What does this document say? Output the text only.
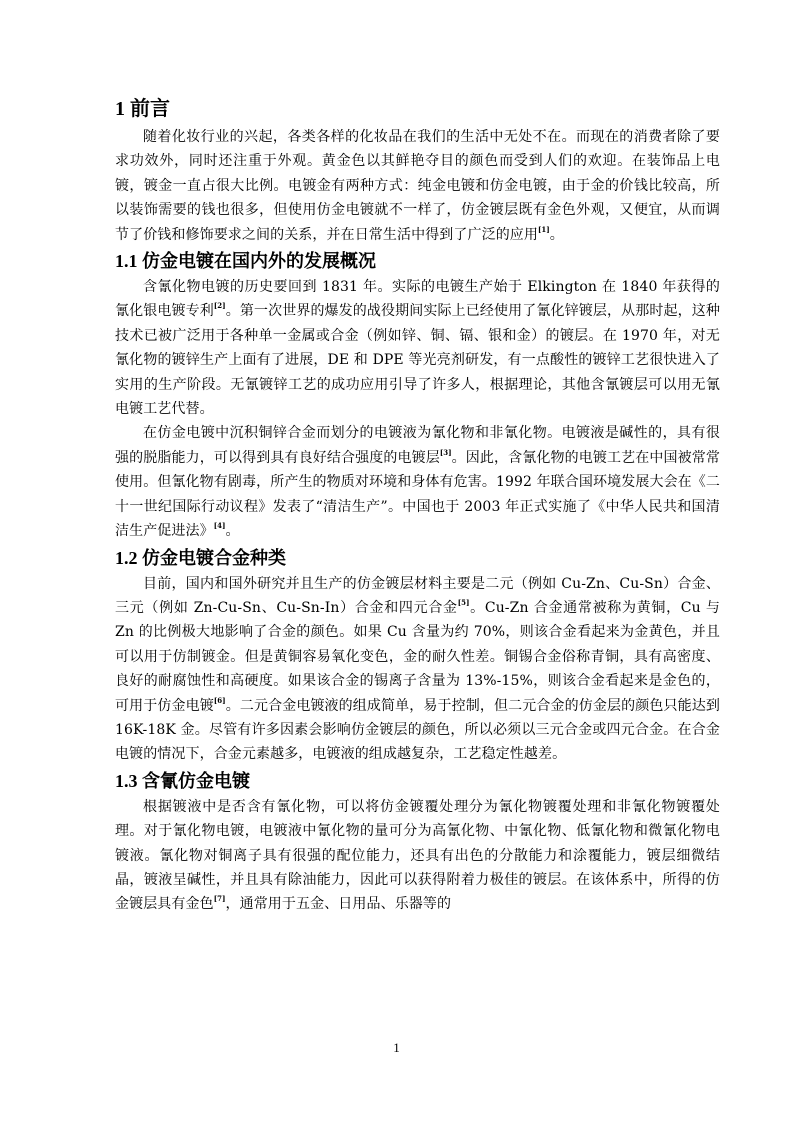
1 前言

随着化妆行业的兴起，各类各样的化妆品在我们的生活中无处不在。而现在的消费者除了要求功效外，同时还注重于外观。黄金色以其鲜艳夺目的颜色而受到人们的欢迎。在装饰品上电镀，镀金一直占很大比例。电镀金有两种方式：纯金电镀和仿金电镀，由于金的价钱比较高，所以装饰需要的钱也很多，但使用仿金电镀就不一样了，仿金镀层既有金色外观，又便宜，从而调节了价钱和修饰要求之间的关系，并在日常生活中得到了广泛的应用[1]。

1.1 仿金电镀在国内外的发展概况

含氰化物电镀的历史要回到 1831 年。实际的电镀生产始于 Elkington 在 1840 年获得的氰化银电镀专利[2]。第一次世界的爆发的战役期间实际上已经使用了氰化锌镀层，从那时起，这种技术已被广泛用于各种单一金属或合金（例如锌、铜、镉、银和金）的镀层。在 1970 年，对无氰化物的镀锌生产上面有了进展，DE 和 DPE 等光亮剂研发，有一点酸性的镀锌工艺很快进入了实用的生产阶段。无氰镀锌工艺的成功应用引导了许多人，根据理论，其他含氰镀层可以用无氰电镀工艺代替。

在仿金电镀中沉积铜锌合金而划分的电镀液为氰化物和非氰化物。电镀液是碱性的，具有很强的脱脂能力，可以得到具有良好结合强度的电镀层[3]。因此，含氰化物的电镀工艺在中国被常常使用。但氰化物有剧毒，所产生的物质对环境和身体有危害。1992 年联合国环境发展大会在《二十一世纪国际行动议程》发表了“清洁生产”。中国也于 2003 年正式实施了《中华人民共和国清洁生产促进法》[4]。

1.2 仿金电镀合金种类

目前，国内和国外研究并且生产的仿金镀层材料主要是二元（例如 Cu-Zn、Cu-Sn）合金、三元（例如 Zn-Cu-Sn、Cu-Sn-In）合金和四元合金[5]。Cu-Zn 合金通常被称为黄铜，Cu 与 Zn 的比例极大地影响了合金的颜色。如果 Cu 含量为约 70%，则该合金看起来为金黄色，并且可以用于仿制镀金。但是黄铜容易氧化变色，金的耐久性差。铜锡合金俗称青铜，具有高密度、良好的耐腐蚀性和高硬度。如果该合金的锡离子含量为 13%-15%，则该合金看起来是金色的，可用于仿金电镀[6]。二元合金电镀液的组成简单，易于控制，但二元合金的仿金层的颜色只能达到 16K-18K 金。尽管有许多因素会影响仿金镀层的颜色，所以必须以三元合金或四元合金。在合金电镀的情况下，合金元素越多，电镀液的组成越复杂，工艺稳定性越差。

1.3 含氰仿金电镀

根据镀液中是否含有氰化物，可以将仿金镀覆处理分为氰化物镀覆处理和非氰化物镀覆处理。对于氰化物电镀，电镀液中氰化物的量可分为高氰化物、中氰化物、低氰化物和微氰化物电镀液。氰化物对铜离子具有很强的配位能力，还具有出色的分散能力和涂覆能力，镀层细微结晶，镀液呈碱性，并且具有除油能力，因此可以获得附着力极佳的镀层。在该体系中，所得的仿金镀层具有金色[7]，通常用于五金、日用品、乐器等的

1
